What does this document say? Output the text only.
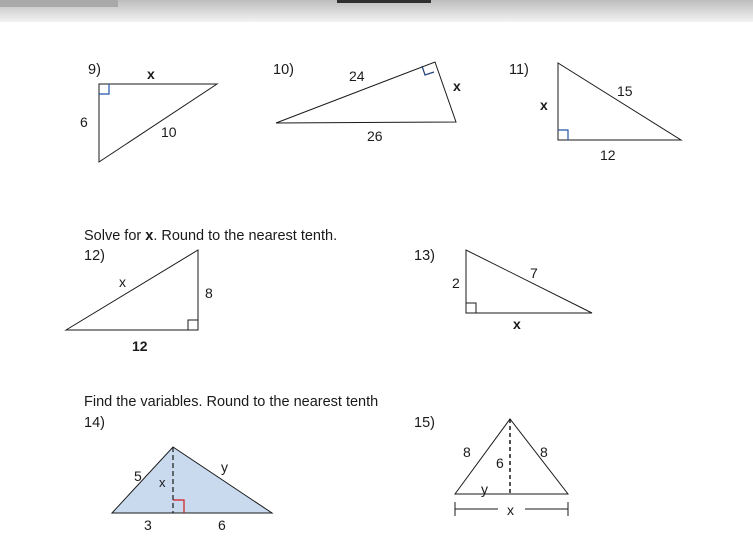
9)	10)	11)
12)	13)
14)	15)
Solve for x. Round to the nearest tenth.
Find the variables. Round to the nearest tenth
x
6
10
24
x
26
x
15
12
x
8
12
2
7
x
5 x
y
3	6
8	8
6
y
x
